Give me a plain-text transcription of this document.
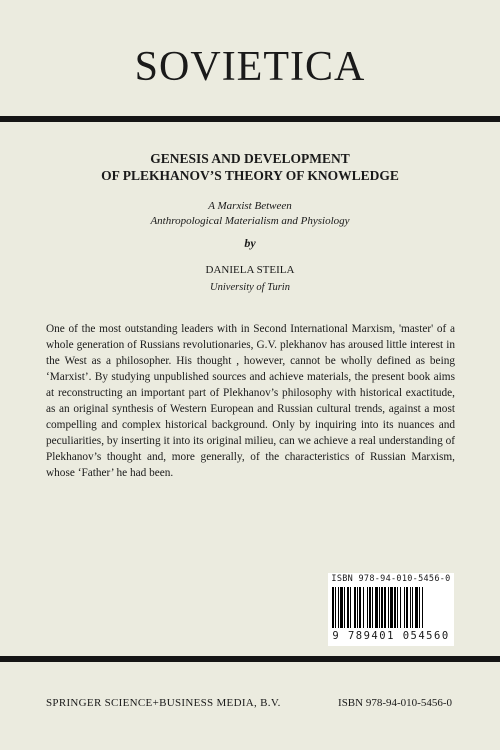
SOVIETICA
GENESIS AND DEVELOPMENT
OF PLEKHANOV’S THEORY OF KNOWLEDGE
A Marxist Between
Anthropological Materialism and Physiology
by
DANIELA STEILA
University of Turin

One of the most outstanding leaders with in Second International Marxism, 'master' of a whole generation of Russians revolutionaries, G.V. plekhanov has aroused little interest in the West as a philosopher. His thought , however, cannot be wholly defined as being ‘Marxist’. By studying unpublished sources and achieve materials, the present book aims at reconstructing an important part of Plekhanov’s philosophy with historical exactitude, as an original synthesis of Western European and Russian cultural trends, against a most compelling and complex historical background. Only by inquiring into its nuances and peculiarities, by inserting it into its original milieu, can we achieve a real understanding of Plekhanov’s thought and, more generally, of the characteristics of Russian Marxism, whose ‘Father’ he had been.

ISBN 978-94-010-5456-0
9 789401 054560
SPRINGER SCIENCE+BUSINESS MEDIA, B.V.	ISBN 978-94-010-5456-0
